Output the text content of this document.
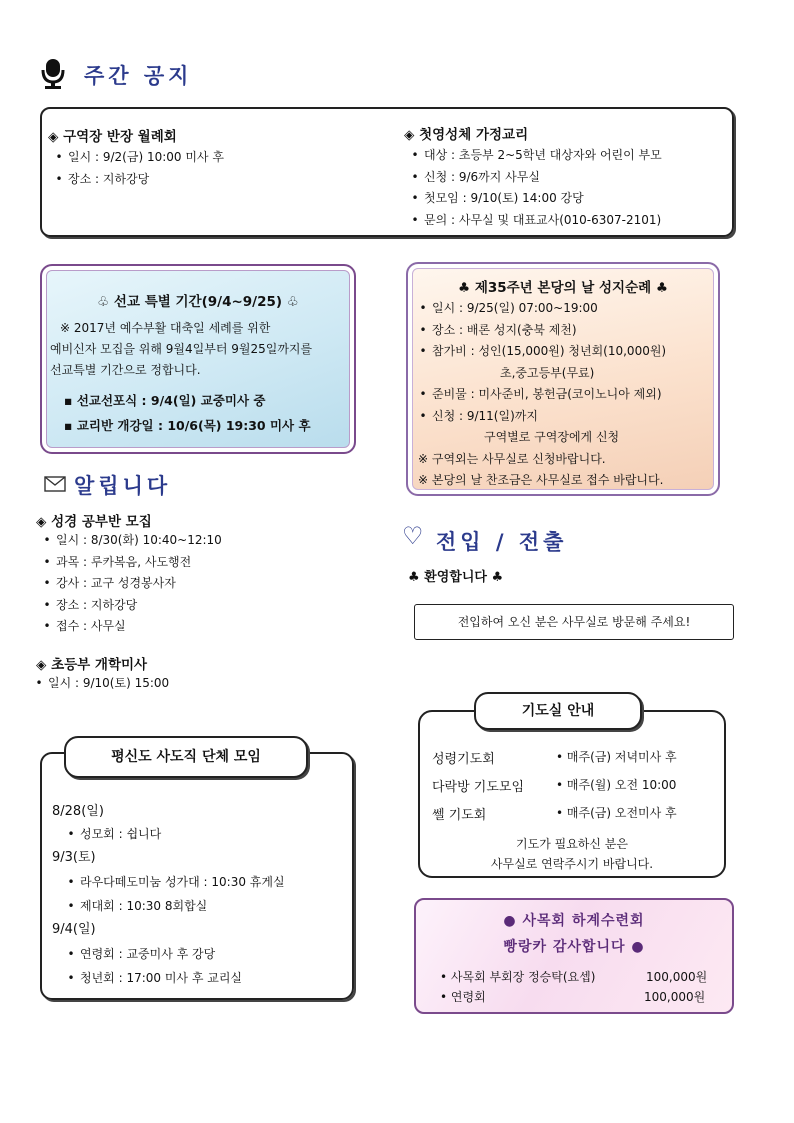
주간 공지
◈ 구역장 반장 월례회
• 일시 : 9/2(금) 10:00 미사 후
• 장소 : 지하강당
◈ 첫영성체 가정교리
• 대상 : 초등부 2~5학년 대상자와 어린이 부모
• 신청 : 9/6까지 사무실
• 첫모임 : 9/10(토) 14:00 강당
• 문의 : 사무실 및 대표교사(010-6307-2101)
♧ 선교 특별 기간(9/4~9/25) ♧
※ 2017년 예수부활 대축일 세례를 위한
예비신자 모집을 위해 9월4일부터 9월25일까지를
선교특별 기간으로 정합니다.
▪ 선교선포식 : 9/4(일) 교중미사 중
▪ 교리반 개강일 : 10/6(목) 19:30 미사 후
♣ 제35주년 본당의 날 성지순례 ♣
• 일시 : 9/25(일) 07:00~19:00
• 장소 : 배론 성지(충북 제천)
• 참가비 : 성인(15,000원) 청년회(10,000원)
초,중고등부(무료)
• 준비물 : 미사준비, 봉헌금(코이노니아 제외)
• 신청 : 9/11(일)까지
구역별로 구역장에게 신청
※ 구역외는 사무실로 신청바랍니다.
※ 본당의 날 찬조금은 사무실로 접수 바랍니다.
알립니다
◈ 성경 공부반 모집
• 일시 : 8/30(화) 10:40~12:10
• 과목 : 루카복음, 사도행전
• 강사 : 교구 성경봉사자
• 장소 : 지하강당
• 접수 : 사무실
◈ 초등부 개학미사
• 일시 : 9/10(토) 15:00
♡ 전입 / 전출
♣ 환영합니다 ♣
전입하여 오신 분은 사무실로 방문해 주세요!
성령기도회	• 매주(금) 저녁미사 후
다락방 기도모임	• 매주(월) 오전 10:00
쎌 기도회	• 매주(금) 오전미사 후
기도가 필요하신 분은
사무실로 연락주시기 바랍니다.
기도실 안내
8/28(일)
• 성모회 : 쉽니다
9/3(토)
• 라우다떼도미눔 성가대 : 10:30 휴게실
• 제대회 : 10:30 8회합실
9/4(일)
• 연령회 : 교중미사 후 강당
• 청년회 : 17:00 미사 후 교리실
평신도 사도직 단체 모임
● 사목회 하계수련회
빵랑카 감사합니다 ●
• 사목회 부회장 정승탁(요셉)	100,000원
• 연령회	100,000원
